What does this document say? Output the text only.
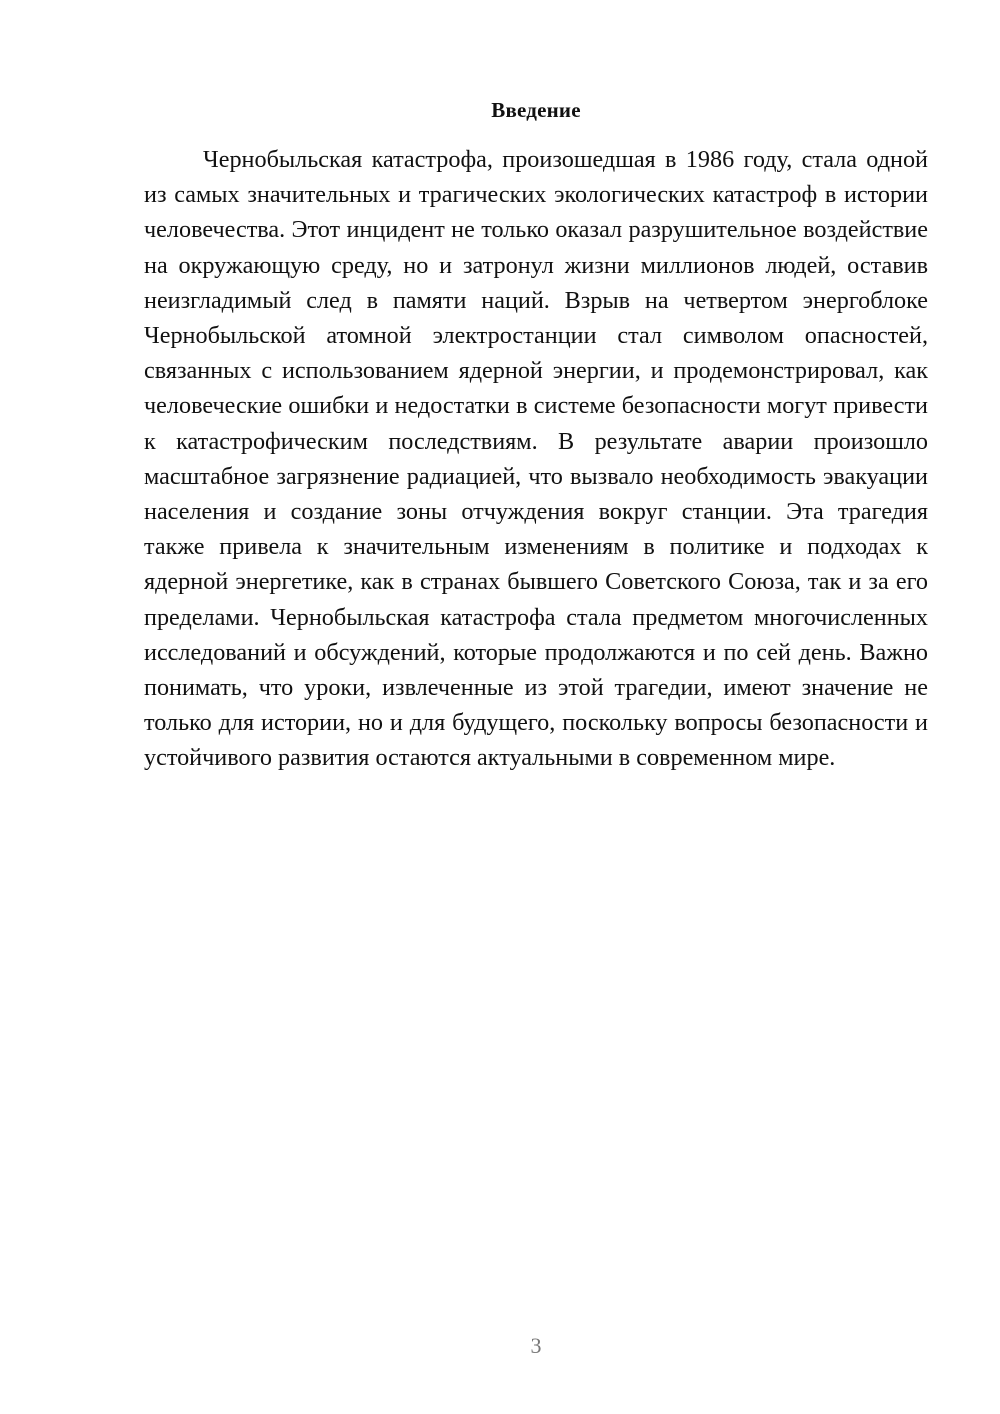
Введение

Чернобыльская катастрофа, произошедшая в 1986 году, стала одной из самых значительных и трагических экологических катастроф в истории человечества. Этот инцидент не только оказал разрушительное воздействие на окружающую среду, но и затронул жизни миллионов людей, оставив неизгладимый след в памяти наций. Взрыв на четвертом энергоблоке Чернобыльской атомной электростанции стал символом опасностей, связанных с использованием ядерной энергии, и продемонстрировал, как человеческие ошибки и недостатки в системе безопасности могут привести к катастрофическим последствиям. В результате аварии произошло масштабное загрязнение радиацией, что вызвало необходимость эвакуации населения и создание зоны отчуждения вокруг станции. Эта трагедия также привела к значительным изменениям в политике и подходах к ядерной энергетике, как в странах бывшего Советского Союза, так и за его пределами. Чернобыльская катастрофа стала предметом многочисленных исследований и обсуждений, которые продолжаются и по сей день. Важно понимать, что уроки, извлеченные из этой трагедии, имеют значение не только для истории, но и для будущего, поскольку вопросы безопасности и устойчивого развития остаются актуальными в современном мире.

3
